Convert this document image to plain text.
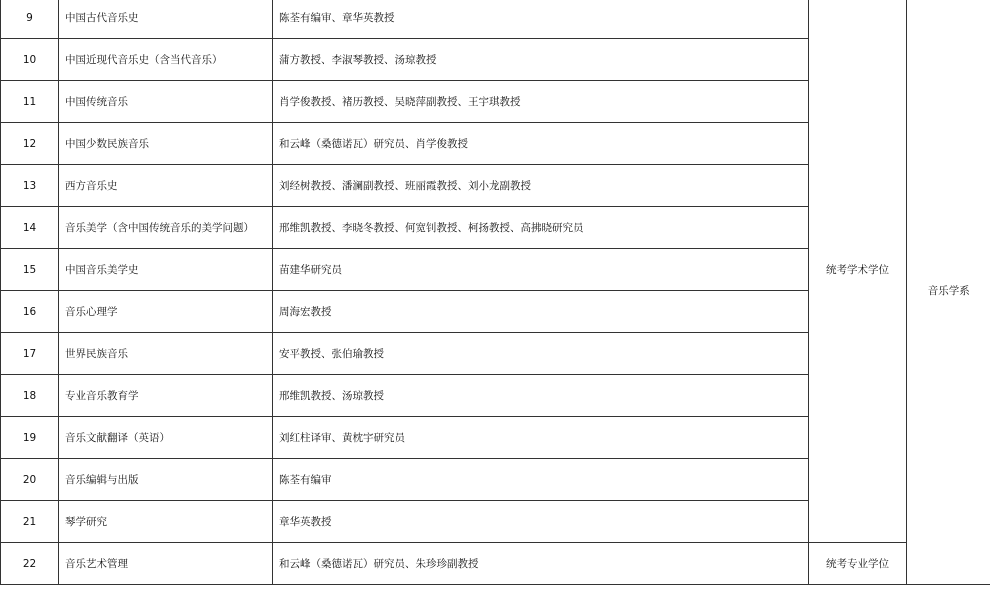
9	中国古代音乐史	陈荃有编审、章华英教授	统考学术学位	音乐学系
10	中国近现代音乐史（含当代音乐）	蒲方教授、李淑琴教授、汤琼教授		
11	中国传统音乐	肖学俊教授、褚历教授、吴晓萍副教授、王宇琪教授		
12	中国少数民族音乐	和云峰（桑德诺瓦）研究员、肖学俊教授		
13	西方音乐史	刘经树教授、潘澜副教授、班丽霞教授、刘小龙副教授		
14	音乐美学（含中国传统音乐的美学问题）	邢维凯教授、李晓冬教授、何宽钊教授、柯扬教授、高拂晓研究员		
15	中国音乐美学史	苗建华研究员		
16	音乐心理学	周海宏教授		
17	世界民族音乐	安平教授、张伯瑜教授		
18	专业音乐教育学	邢维凯教授、汤琼教授		
19	音乐文献翻译（英语）	刘红柱译审、黄枕宇研究员		
20	音乐编辑与出版	陈荃有编审		
21	琴学研究	章华英教授		
22	音乐艺术管理	和云峰（桑德诺瓦）研究员、朱珍珍副教授	统考专业学位	
